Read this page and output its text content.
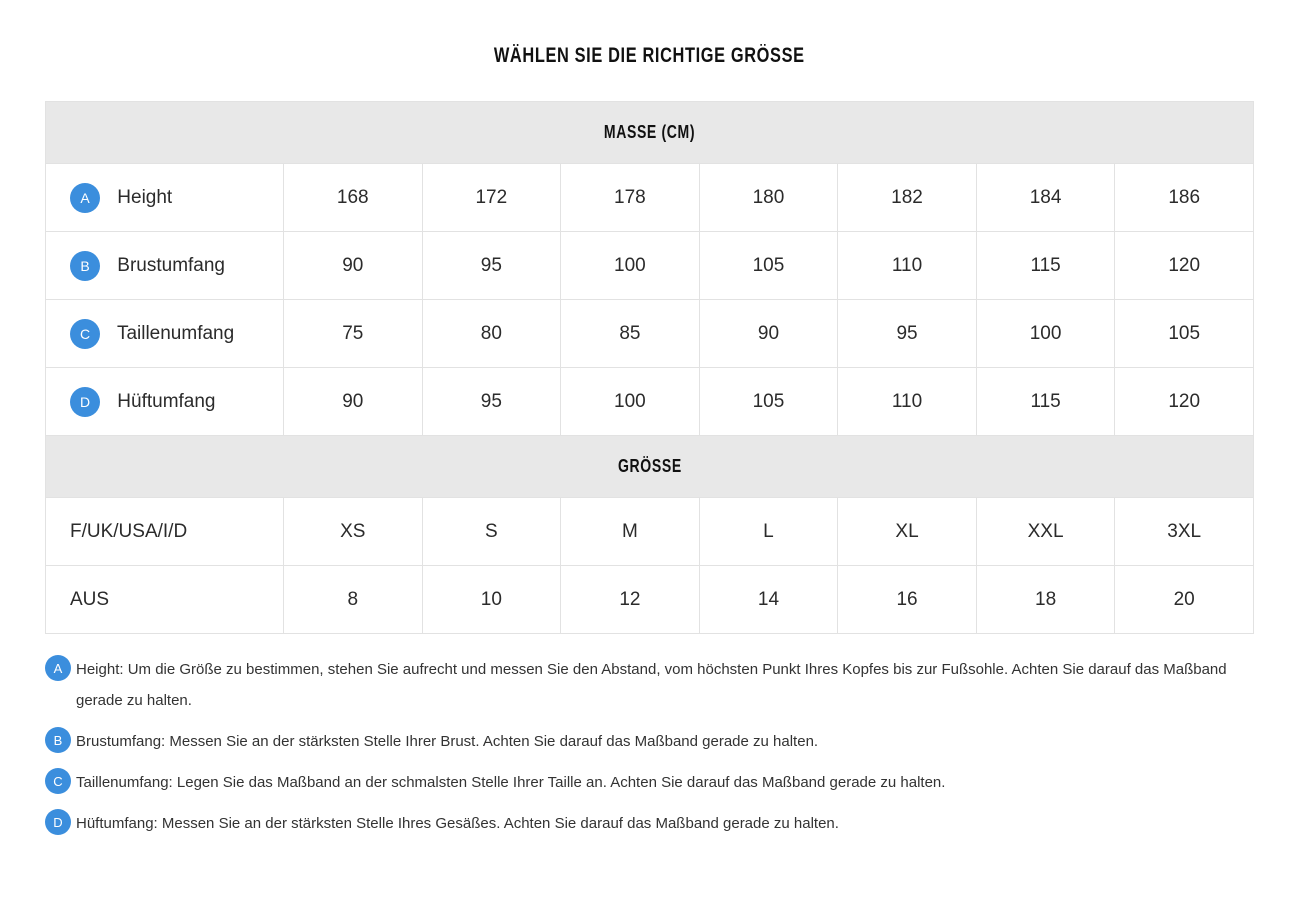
WÄHLEN SIE DIE RICHTIGE GRÖSSE
MASSE (CM)							
A Height	168	172	178	180	182	184	186
B Brustumfang	90	95	100	105	110	115	120
C Taillenumfang	75	80	85	90	95	100	105
D Hüftumfang	90	95	100	105	110	115	120
GRÖSSE							
F/UK/USA/I/D	XS	S	M	L	XL	XXL	3XL
AUS	8	10	12	14	16	18	20
A Height: Um die Größe zu bestimmen, stehen Sie aufrecht und messen Sie den Abstand, vom höchsten Punkt Ihres Kopfes bis zur Fußsohle. Achten Sie darauf das Maßband gerade zu halten.
B Brustumfang: Messen Sie an der stärksten Stelle Ihrer Brust. Achten Sie darauf das Maßband gerade zu halten.
C Taillenumfang: Legen Sie das Maßband an der schmalsten Stelle Ihrer Taille an. Achten Sie darauf das Maßband gerade zu halten.
D Hüftumfang: Messen Sie an der stärksten Stelle Ihres Gesäßes. Achten Sie darauf das Maßband gerade zu halten.
